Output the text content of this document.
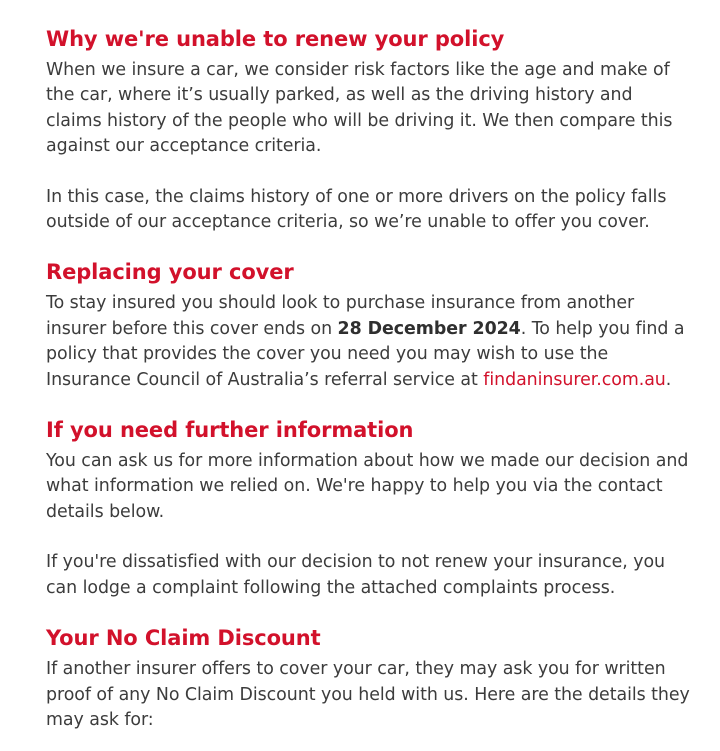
Why we're unable to renew your policy

When we insure a car, we consider risk factors like the age and make of the car, where it’s usually parked, as well as the driving history and claims history of the people who will be driving it. We then compare this against our acceptance criteria.

In this case, the claims history of one or more drivers on the policy falls outside of our acceptance criteria, so we’re unable to offer you cover.

Replacing your cover

To stay insured you should look to purchase insurance from another insurer before this cover ends on 28 December 2024. To help you find a policy that provides the cover you need you may wish to use the Insurance Council of Australia’s referral service at findaninsurer.com.au.

If you need further information

You can ask us for more information about how we made our decision and what information we relied on. We're happy to help you via the contact details below.

If you're dissatisfied with our decision to not renew your insurance, you can lodge a complaint following the attached complaints process.

Your No Claim Discount

If another insurer offers to cover your car, they may ask you for written proof of any No Claim Discount you held with us. Here are the details they may ask for:
